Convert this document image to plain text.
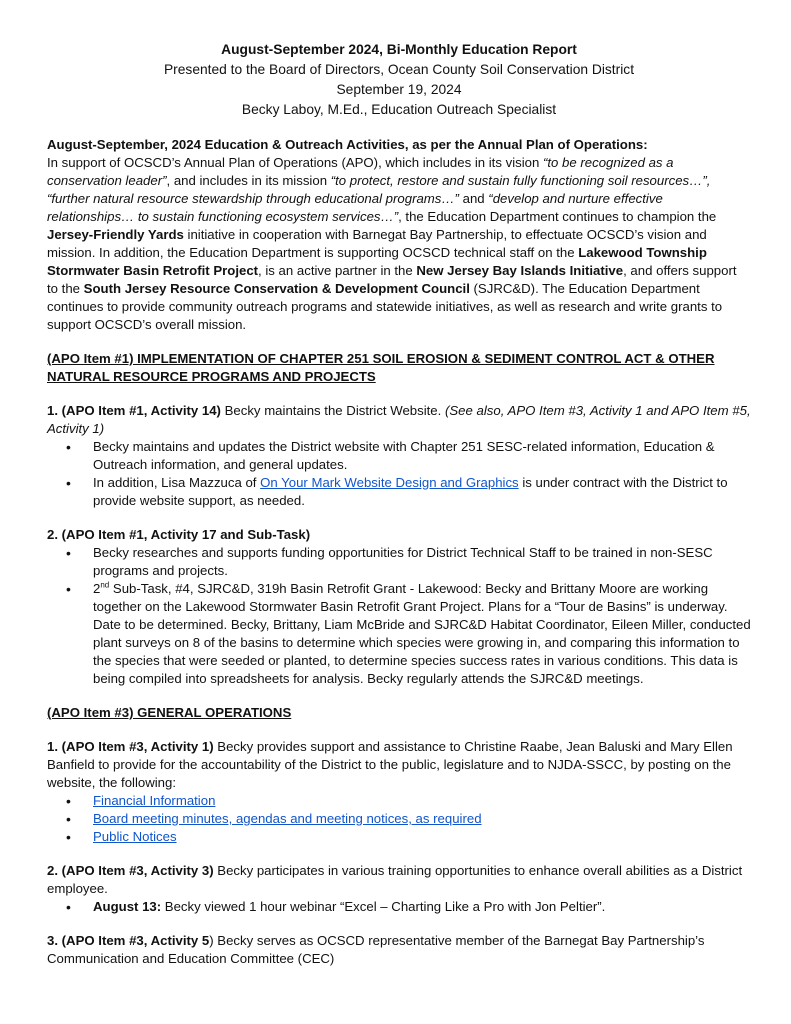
August-September 2024, Bi-Monthly Education Report

Presented to the Board of Directors, Ocean County Soil Conservation District

September 19, 2024

Becky Laboy, M.Ed., Education Outreach Specialist

August-September, 2024 Education & Outreach Activities, as per the Annual Plan of Operations:

In support of OCSCD’s Annual Plan of Operations (APO), which includes in its vision “to be recognized as a conservation leader”, and includes in its mission “to protect, restore and sustain fully functioning soil resources…”, “further natural resource stewardship through educational programs…” and “develop and nurture effective relationships… to sustain functioning ecosystem services…”, the Education Department continues to champion the Jersey-Friendly Yards initiative in cooperation with Barnegat Bay Partnership, to effectuate OCSCD’s vision and mission. In addition, the Education Department is supporting OCSCD technical staff on the Lakewood Township Stormwater Basin Retrofit Project, is an active partner in the New Jersey Bay Islands Initiative, and offers support to the South Jersey Resource Conservation & Development Council (SJRC&D). The Education Department continues to provide community outreach programs and statewide initiatives, as well as research and write grants to support OCSCD’s overall mission.

(APO Item #1) IMPLEMENTATION OF CHAPTER 251 SOIL EROSION & SEDIMENT CONTROL ACT & OTHER NATURAL RESOURCE PROGRAMS AND PROJECTS

1. (APO Item #1, Activity 14) Becky maintains the District Website. (See also, APO Item #3, Activity 1 and APO Item #5, Activity 1)

• Becky maintains and updates the District website with Chapter 251 SESC-related information, Education & Outreach information, and general updates.
• In addition, Lisa Mazzuca of On Your Mark Website Design and Graphics is under contract with the District to provide website support, as needed.

2. (APO Item #1, Activity 17 and Sub-Task)

• Becky researches and supports funding opportunities for District Technical Staff to be trained in non-SESC programs and projects.
• 2nd Sub-Task, #4, SJRC&D, 319h Basin Retrofit Grant - Lakewood: Becky and Brittany Moore are working together on the Lakewood Stormwater Basin Retrofit Grant Project. Plans for a “Tour de Basins” is underway. Date to be determined. Becky, Brittany, Liam McBride and SJRC&D Habitat Coordinator, Eileen Miller, conducted plant surveys on 8 of the basins to determine which species were growing in, and comparing this information to the species that were seeded or planted, to determine species success rates in various conditions. This data is being compiled into spreadsheets for analysis. Becky regularly attends the SJRC&D meetings.

(APO Item #3) GENERAL OPERATIONS

1. (APO Item #3, Activity 1) Becky provides support and assistance to Christine Raabe, Jean Baluski and Mary Ellen Banfield to provide for the accountability of the District to the public, legislature and to NJDA-SSCC, by posting on the website, the following:

• Financial Information
• Board meeting minutes, agendas and meeting notices, as required
• Public Notices

2. (APO Item #3, Activity 3) Becky participates in various training opportunities to enhance overall abilities as a District employee.

• August 13: Becky viewed 1 hour webinar “Excel – Charting Like a Pro with Jon Peltier”.

3. (APO Item #3, Activity 5) Becky serves as OCSCD representative member of the Barnegat Bay Partnership’s Communication and Education Committee (CEC)
